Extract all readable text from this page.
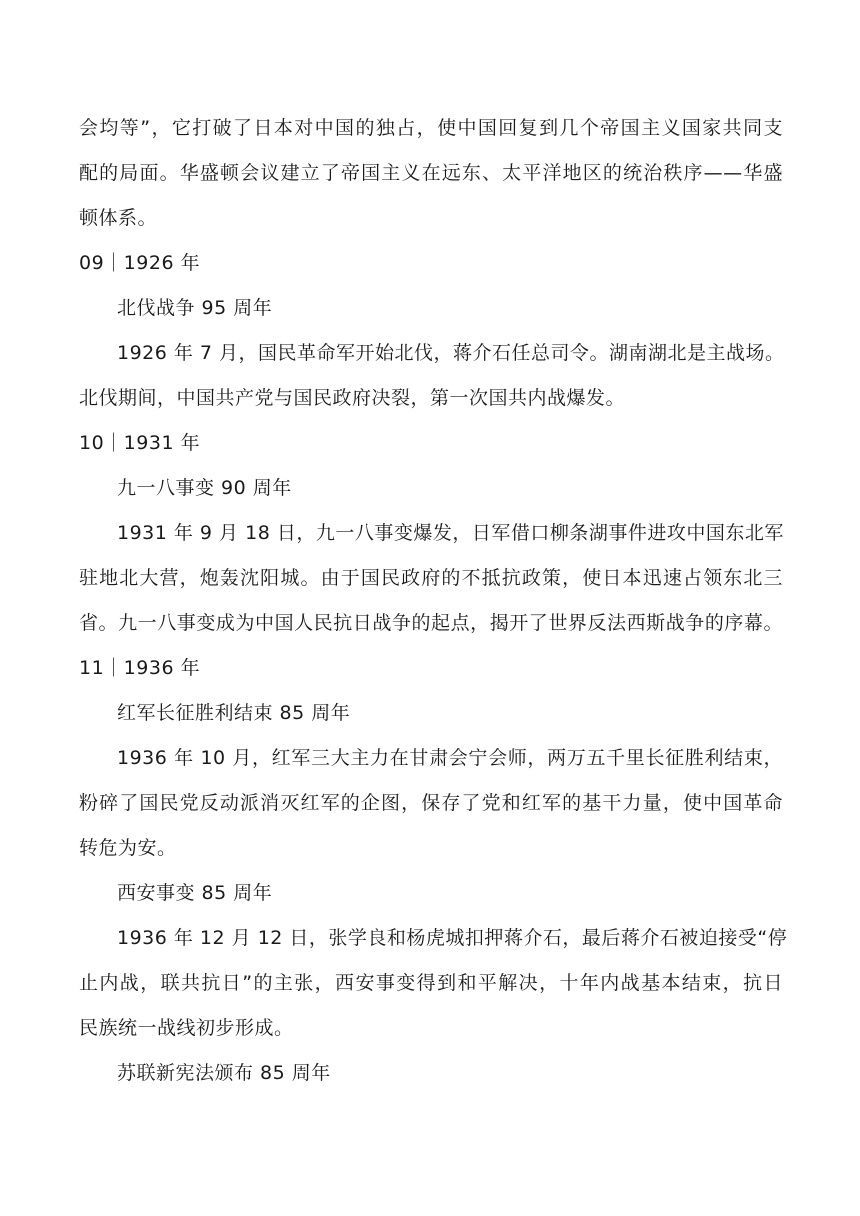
会均等”，它打破了日本对中国的独占，使中国回复到几个帝国主义国家共同支
配的局面。华盛顿会议建立了帝国主义在远东、太平洋地区的统治秩序——华盛
顿体系。
09｜1926 年
北伐战争 95 周年
1926 年 7 月，国民革命军开始北伐，蒋介石任总司令。湖南湖北是主战场。
北伐期间，中国共产党与国民政府决裂，第一次国共内战爆发。
10｜1931 年
九一八事变 90 周年
1931 年 9 月 18 日，九一八事变爆发，日军借口柳条湖事件进攻中国东北军
驻地北大营，炮轰沈阳城。由于国民政府的不抵抗政策，使日本迅速占领东北三
省。九一八事变成为中国人民抗日战争的起点，揭开了世界反法西斯战争的序幕。
11｜1936 年
红军长征胜利结束 85 周年
1936 年 10 月，红军三大主力在甘肃会宁会师，两万五千里长征胜利结束，
粉碎了国民党反动派消灭红军的企图，保存了党和红军的基干力量，使中国革命
转危为安。
西安事变 85 周年
1936 年 12 月 12 日，张学良和杨虎城扣押蒋介石，最后蒋介石被迫接受“停
止内战，联共抗日”的主张，西安事变得到和平解决，十年内战基本结束，抗日
民族统一战线初步形成。
苏联新宪法颁布 85 周年
